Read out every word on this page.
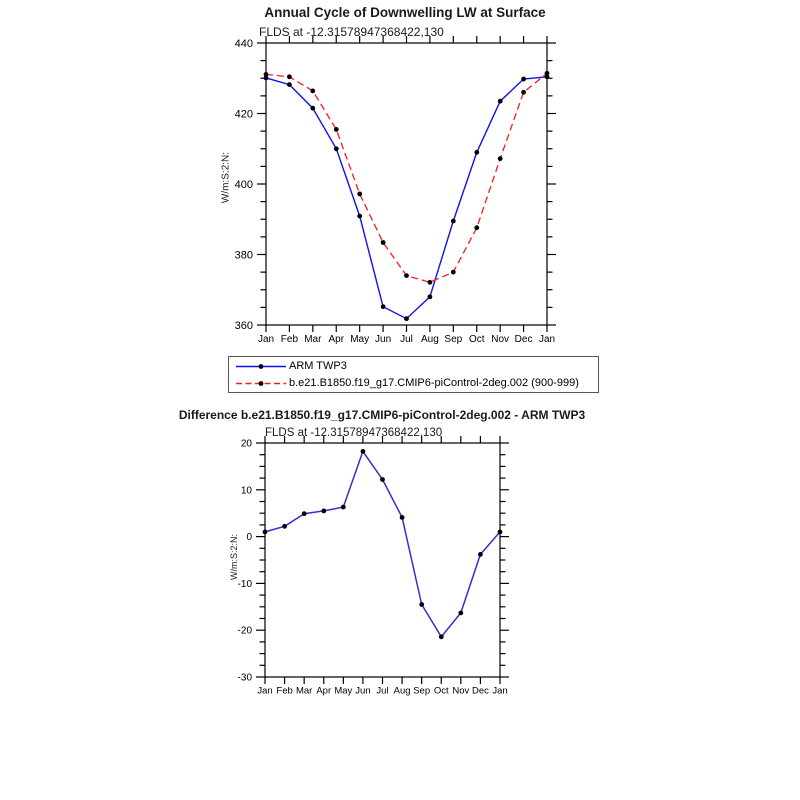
360
380
400
420
440
Jan Feb Mar Apr May Jun Jul Aug Sep Oct Nov Dec Jan
-30
-20
-10
0
10
20
Jan Feb Mar Apr May Jun Jul Aug Sep Oct Nov Dec Jan
Annual Cycle of Downwelling LW at Surface
FLDS at -12.31578947368422,130
W/m:S:2:N:
ARM TWP3
b.e21.B1850.f19_g17.CMIP6-piControl-2deg.002 (900-999)
Difference b.e21.B1850.f19_g17.CMIP6-piControl-2deg.002 - ARM TWP3
FLDS at -12.31578947368422,130
W/m:S:2:N:
